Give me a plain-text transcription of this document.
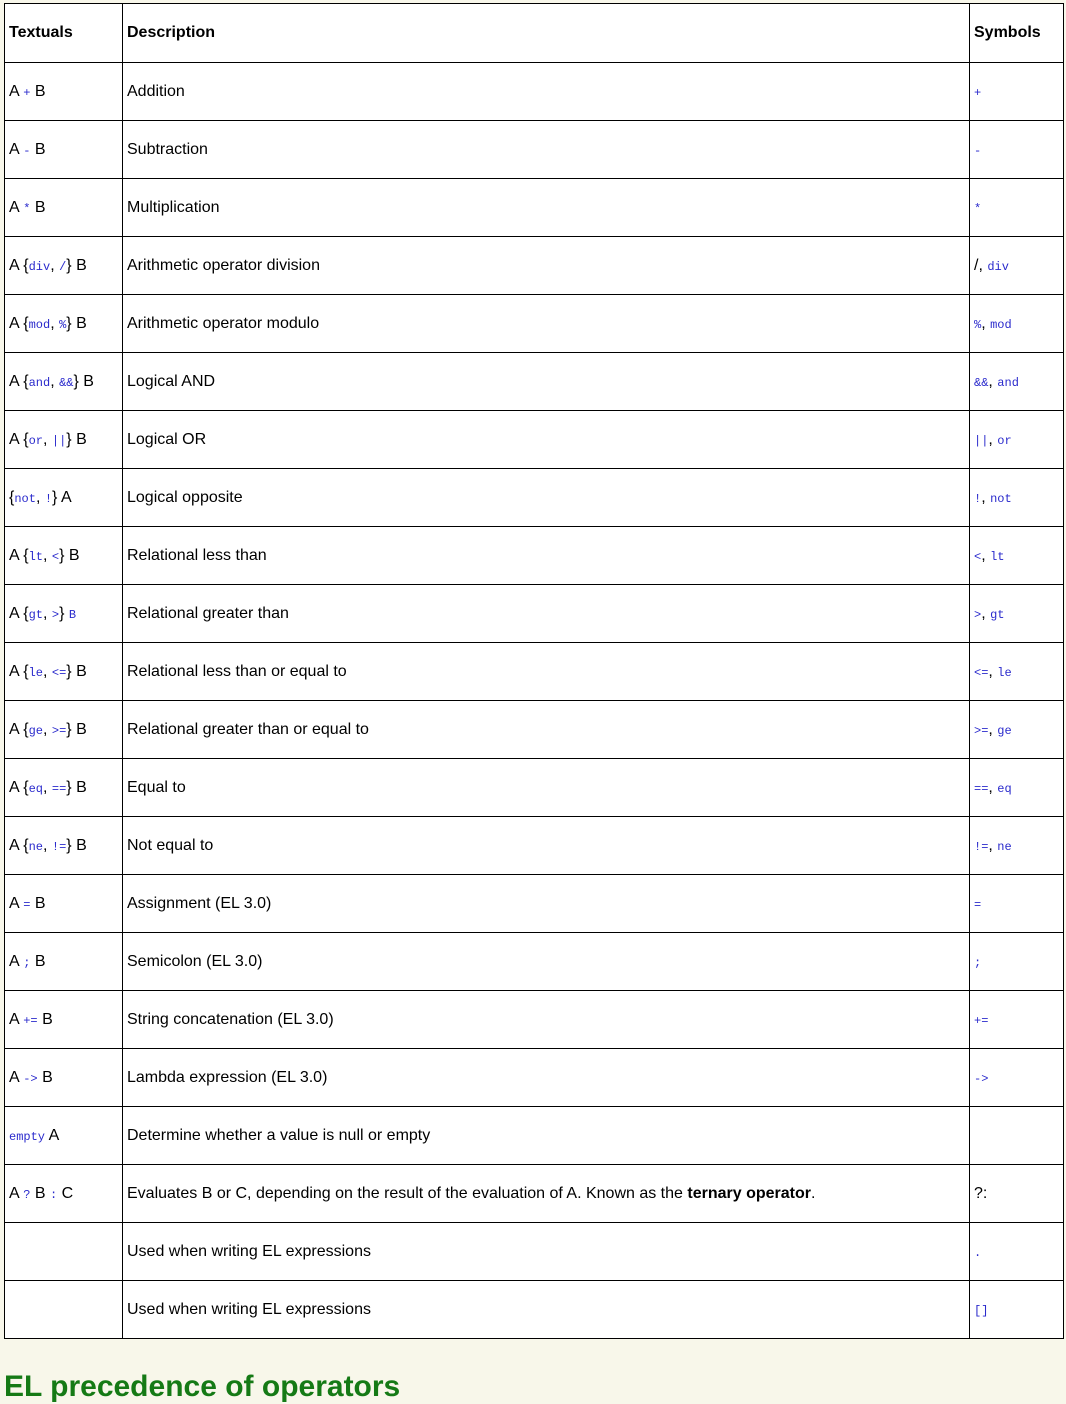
Textuals	Description	Symbols
A + B	Addition	+
A - B	Subtraction	-
A * B	Multiplication	*
A {div, /} B	Arithmetic operator division	/, div
A {mod, %} B	Arithmetic operator modulo	%, mod
A {and, &&} B	Logical AND	&&, and
A {or, ||} B	Logical OR	||, or
{not, !} A	Logical opposite	!, not
A {lt, <} B	Relational less than	<, lt
A {gt, >} B	Relational greater than	>, gt
A {le, <=} B	Relational less than or equal to	<=, le
A {ge, >=} B	Relational greater than or equal to	>=, ge
A {eq, ==} B	Equal to	==, eq
A {ne, !=} B	Not equal to	!=, ne
A = B	Assignment (EL 3.0)	=
A ; B	Semicolon (EL 3.0)	;
A += B	String concatenation (EL 3.0)	+=
A -> B	Lambda expression (EL 3.0)	->
empty A	Determine whether a value is null or empty	
A ? B : C	Evaluates B or C, depending on the result of the evaluation of A. Known as the ternary operator.	?:
	Used when writing EL expressions	.
	Used when writing EL expressions	[]
EL precedence of operators
